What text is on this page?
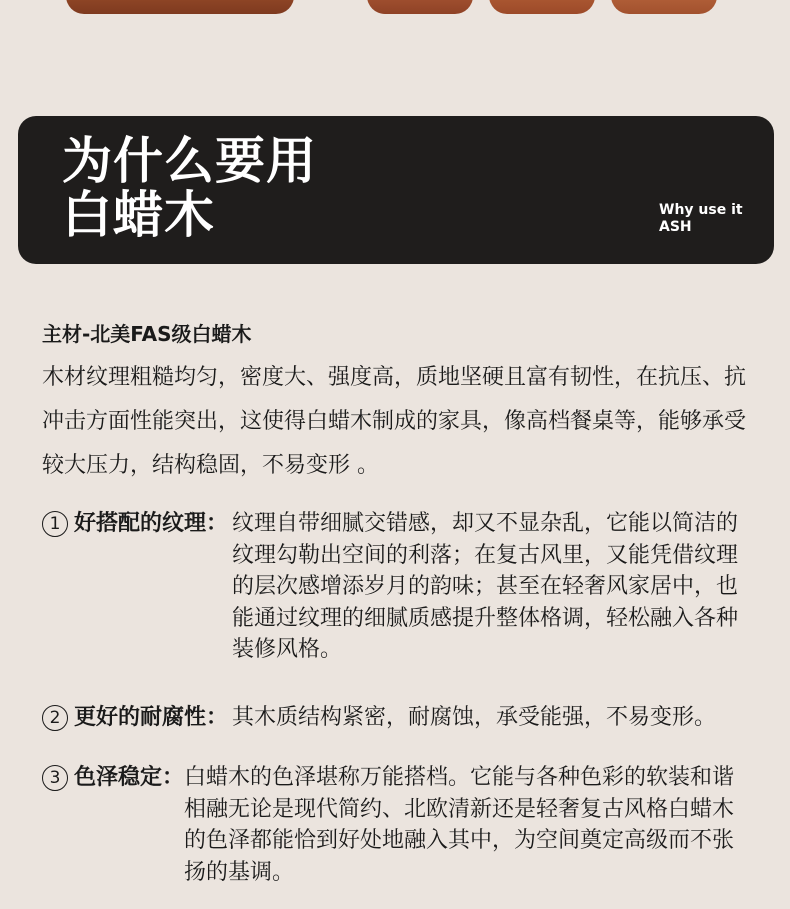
为什么要用
白蜡木	Why use it
ASH
主材-北美FAS级白蜡木
木材纹理粗糙均匀，密度大、强度高，质地坚硬且富有韧性，在抗压、抗冲击方面性能突出，这使得白蜡木制成的家具，像高档餐桌等，能够承受较大压力，结构稳固，不易变形 。
1 好搭配的纹理： 纹理自带细腻交错感，却又不显杂乱，它能以简洁的纹理勾勒出空间的利落；在复古风里，又能凭借纹理的层次感增添岁月的韵味；甚至在轻奢风家居中，也能通过纹理的细腻质感提升整体格调，轻松融入各种装修风格。
2 更好的耐腐性： 其木质结构紧密，耐腐蚀，承受能强，不易变形。
3 色泽稳定： 白蜡木的色泽堪称万能搭档。它能与各种色彩的软装和谐相融无论是现代简约、北欧清新还是轻奢复古风格白蜡木的色泽都能恰到好处地融入其中，为空间奠定高级而不张扬的基调。
